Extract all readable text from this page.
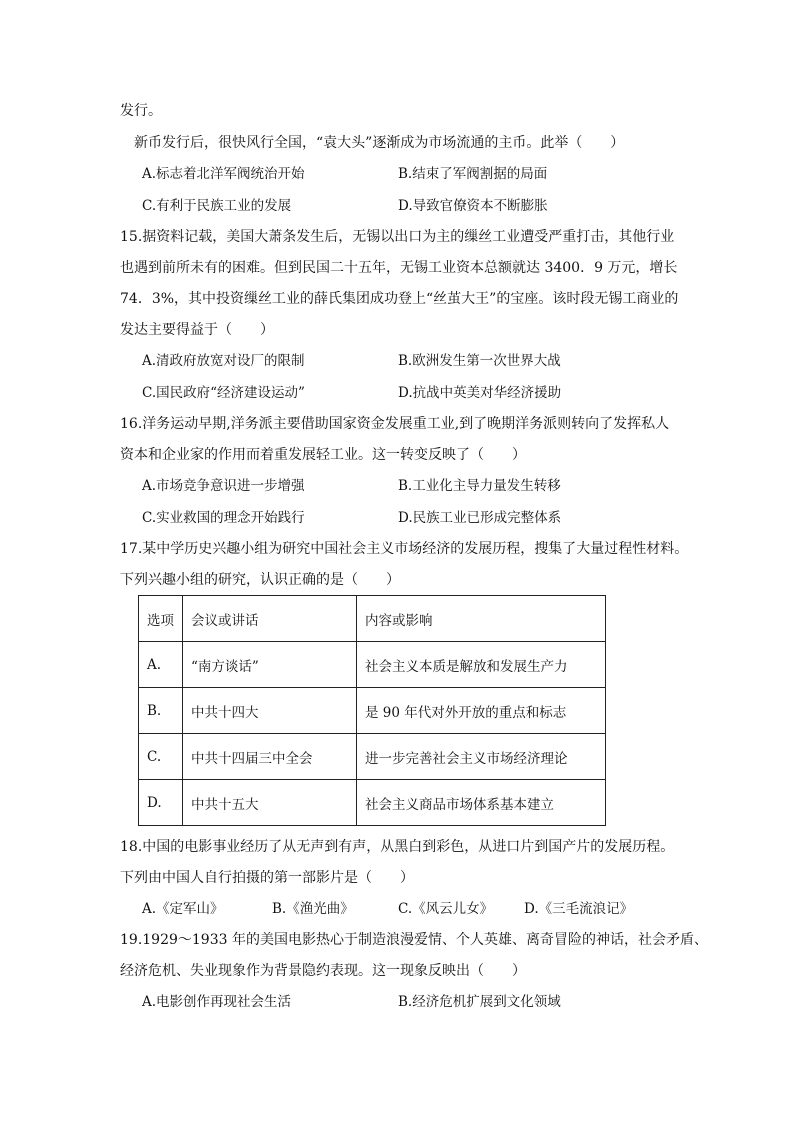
发行。
新币发行后，很快风行全国，“袁大头”逐渐成为市场流通的主币。此举（　　）
A.标志着北洋军阀统治开始	B.结束了军阀割据的局面
C.有利于民族工业的发展	D.导致官僚资本不断膨胀
15.据资料记载，美国大萧条发生后，无锡以出口为主的缫丝工业遭受严重打击，其他行业
也遇到前所未有的困难。但到民国二十五年，无锡工业资本总额就达 3400．9 万元，增长
74．3%，其中投资缫丝工业的薛氏集团成功登上“丝茧大王”的宝座。该时段无锡工商业的
发达主要得益于（　　）
A.清政府放宽对设厂的限制	B.欧洲发生第一次世界大战
C.国民政府“经济建设运动”	D.抗战中英美对华经济援助
16.洋务运动早期,洋务派主要借助国家资金发展重工业,到了晚期洋务派则转向了发挥私人
资本和企业家的作用而着重发展轻工业。这一转变反映了（　　）
A.市场竞争意识进一步增强	B.工业化主导力量发生转移
C.实业救国的理念开始践行	D.民族工业已形成完整体系
17.某中学历史兴趣小组为研究中国社会主义市场经济的发展历程，搜集了大量过程性材料。
下列兴趣小组的研究，认识正确的是（　　）
选项	会议或讲话	内容或影响
A.	“南方谈话”	社会主义本质是解放和发展生产力
B.	中共十四大	是 90 年代对外开放的重点和标志
C.	中共十四届三中全会	进一步完善社会主义市场经济理论
D.	中共十五大	社会主义商品市场体系基本建立
18.中国的电影事业经历了从无声到有声，从黑白到彩色，从进口片到国产片的发展历程。
下列由中国人自行拍摄的第一部影片是（　　）
A.《定军山》	B.《渔光曲》	C.《风云儿女》 D.《三毛流浪记》
19.1929～1933 年的美国电影热心于制造浪漫爱情、个人英雄、离奇冒险的神话，社会矛盾、
经济危机、失业现象作为背景隐约表现。这一现象反映出（　　）
A.电影创作再现社会生活	B.经济危机扩展到文化领域
